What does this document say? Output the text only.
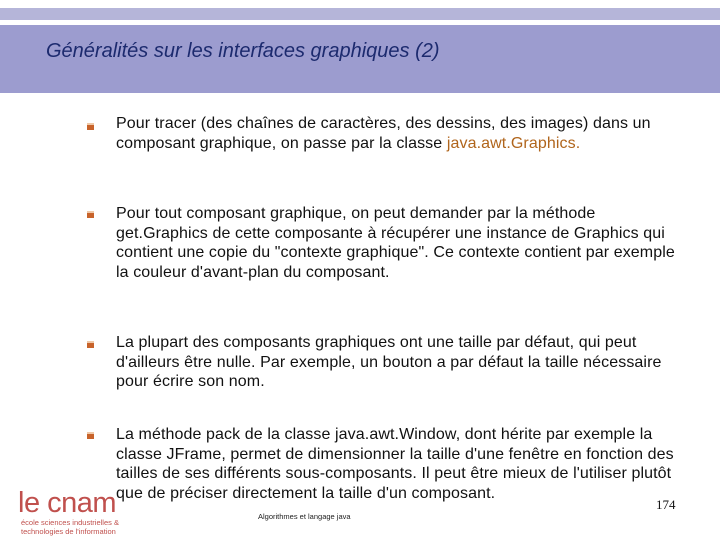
Généralités sur les interfaces graphiques (2)

Pour tracer (des chaînes de caractères, des dessins, des images) dans un composant graphique, on passe par la classe java.awt.Graphics.

Pour tout composant graphique, on peut demander par la méthode get.Graphics de cette composante à récupérer une instance de Graphics qui contient une copie du "contexte graphique". Ce contexte contient par exemple la couleur d'avant-plan du composant.

La plupart des composants graphiques ont une taille par défaut, qui peut d'ailleurs être nulle. Par exemple, un bouton a par défaut la taille nécessaire pour écrire son nom.

La méthode pack de la classe java.awt.Window, dont hérite par exemple la classe JFrame, permet de dimensionner la taille d'une fenêtre en fonction des tailles de ses différents sous-composants. Il peut être mieux de l'utiliser plutôt que de préciser directement la taille d'un composant.

le cnam
école sciences industrielles &
technologies de l'information
Algorithmes et langage java
174
